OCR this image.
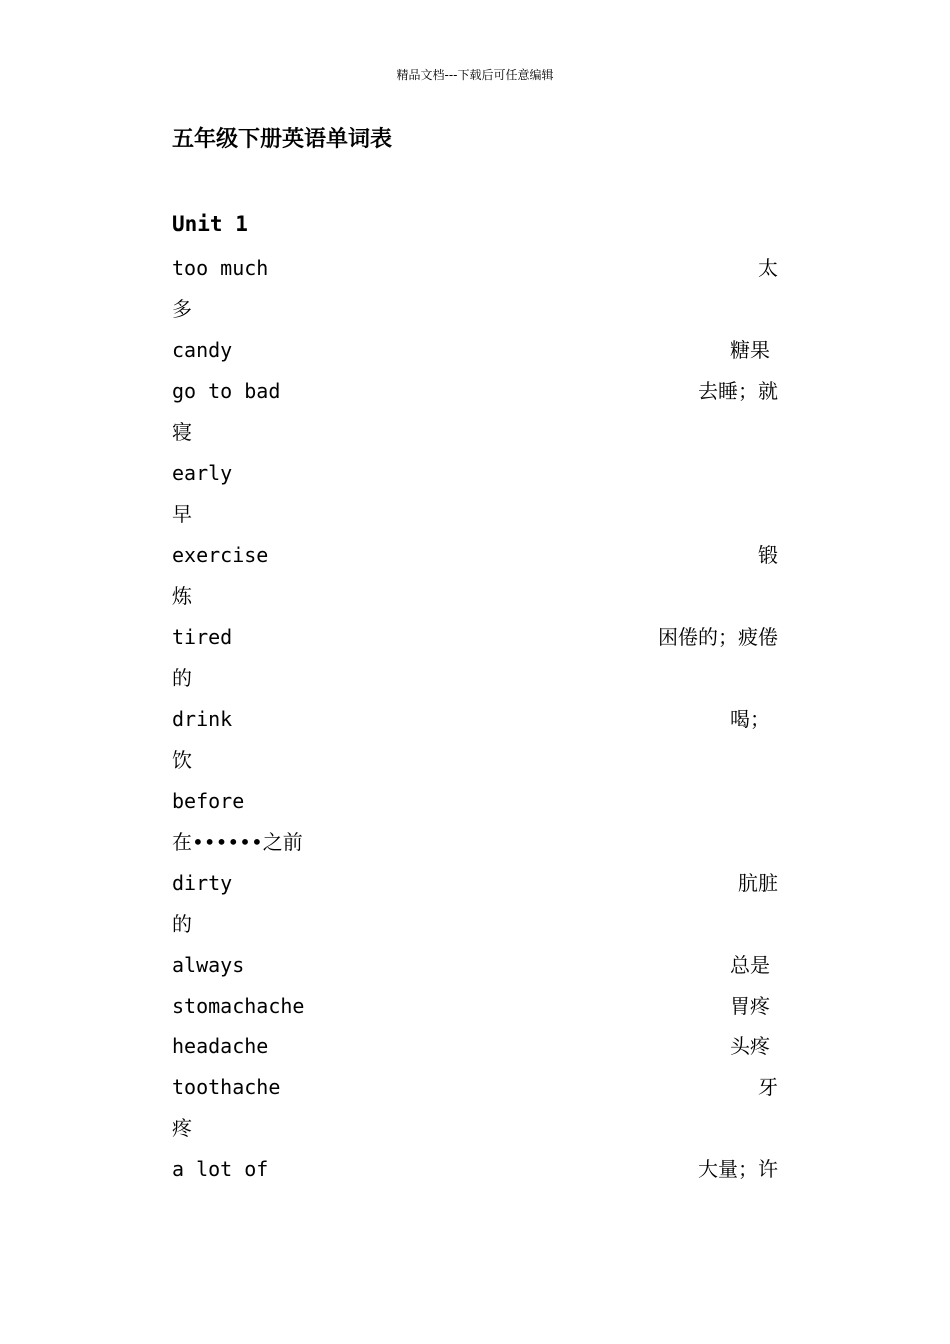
精品文档---下载后可任意编辑
五年级下册英语单词表
Unit 1
too much	太
多
candy	糖果
go to bad	去睡；就
寝
early
早
exercise	锻
炼
tired	困倦的；疲倦
的
drink	喝；
饮
before
在••••••之前
dirty	肮脏
的
always	总是
stomachache	胃疼
headache	头疼
toothache	牙
疼
a lot of	大量；许
